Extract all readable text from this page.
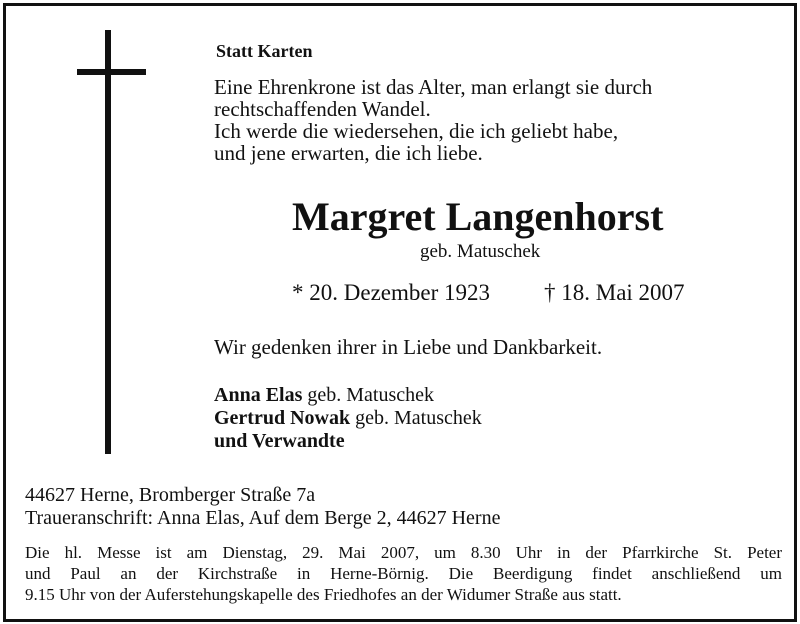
Statt Karten
Eine Ehrenkrone ist das Alter, man erlangt sie durch
rechtschaffenden Wandel.
Ich werde die wiedersehen, die ich geliebt habe,
und jene erwarten, die ich liebe.
Margret Langenhorst
geb. Matuschek
* 20. Dezember 1923 † 18. Mai 2007
Wir gedenken ihrer in Liebe und Dankbarkeit.
Anna Elas geb. Matuschek
Gertrud Nowak geb. Matuschek
und Verwandte
44627 Herne, Bromberger Straße 7a
Traueranschrift: Anna Elas, Auf dem Berge 2, 44627 Herne
Die hl. Messe ist am Dienstag, 29. Mai 2007, um 8.30 Uhr in der Pfarrkirche St. Peter
und Paul an der Kirchstraße in Herne-Börnig. Die Beerdigung findet anschließend um
9.15 Uhr von der Auferstehungskapelle des Friedhofes an der Widumer Straße aus statt.
